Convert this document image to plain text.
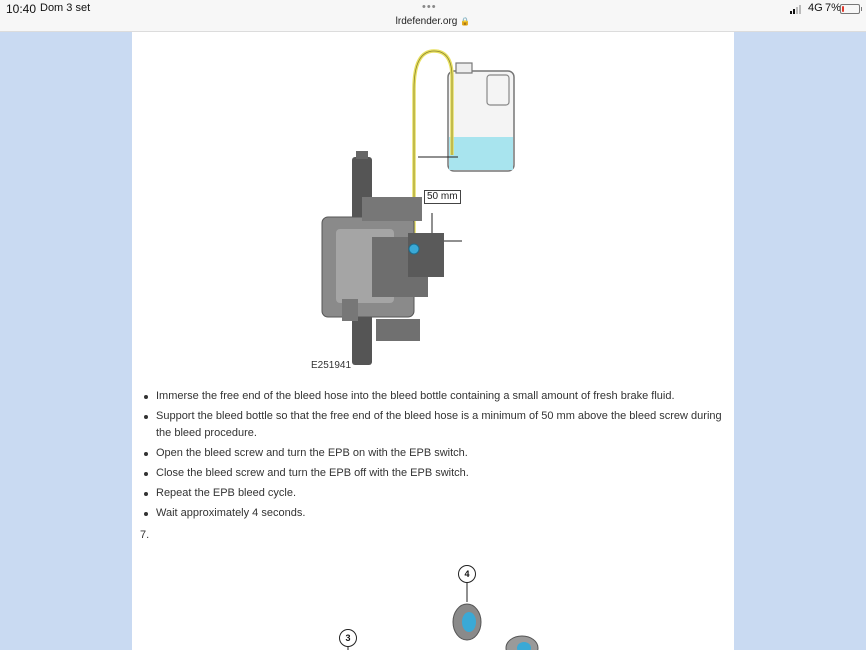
10:40 Dom 3 set	•••
lrdefender.org 🔒
4G 7%
50 mm
E251941
Immerse the free end of the bleed hose into the bleed bottle containing a small amount of fresh brake fluid.
Support the bleed bottle so that the free end of the bleed hose is a minimum of 50 mm above the bleed screw during the bleed procedure.
Open the bleed screw and turn the EPB on with the EPB switch.
Close the bleed screw and turn the EPB off with the EPB switch.
Repeat the EPB bleed cycle.
Wait approximately 4 seconds.
7.
4
3
